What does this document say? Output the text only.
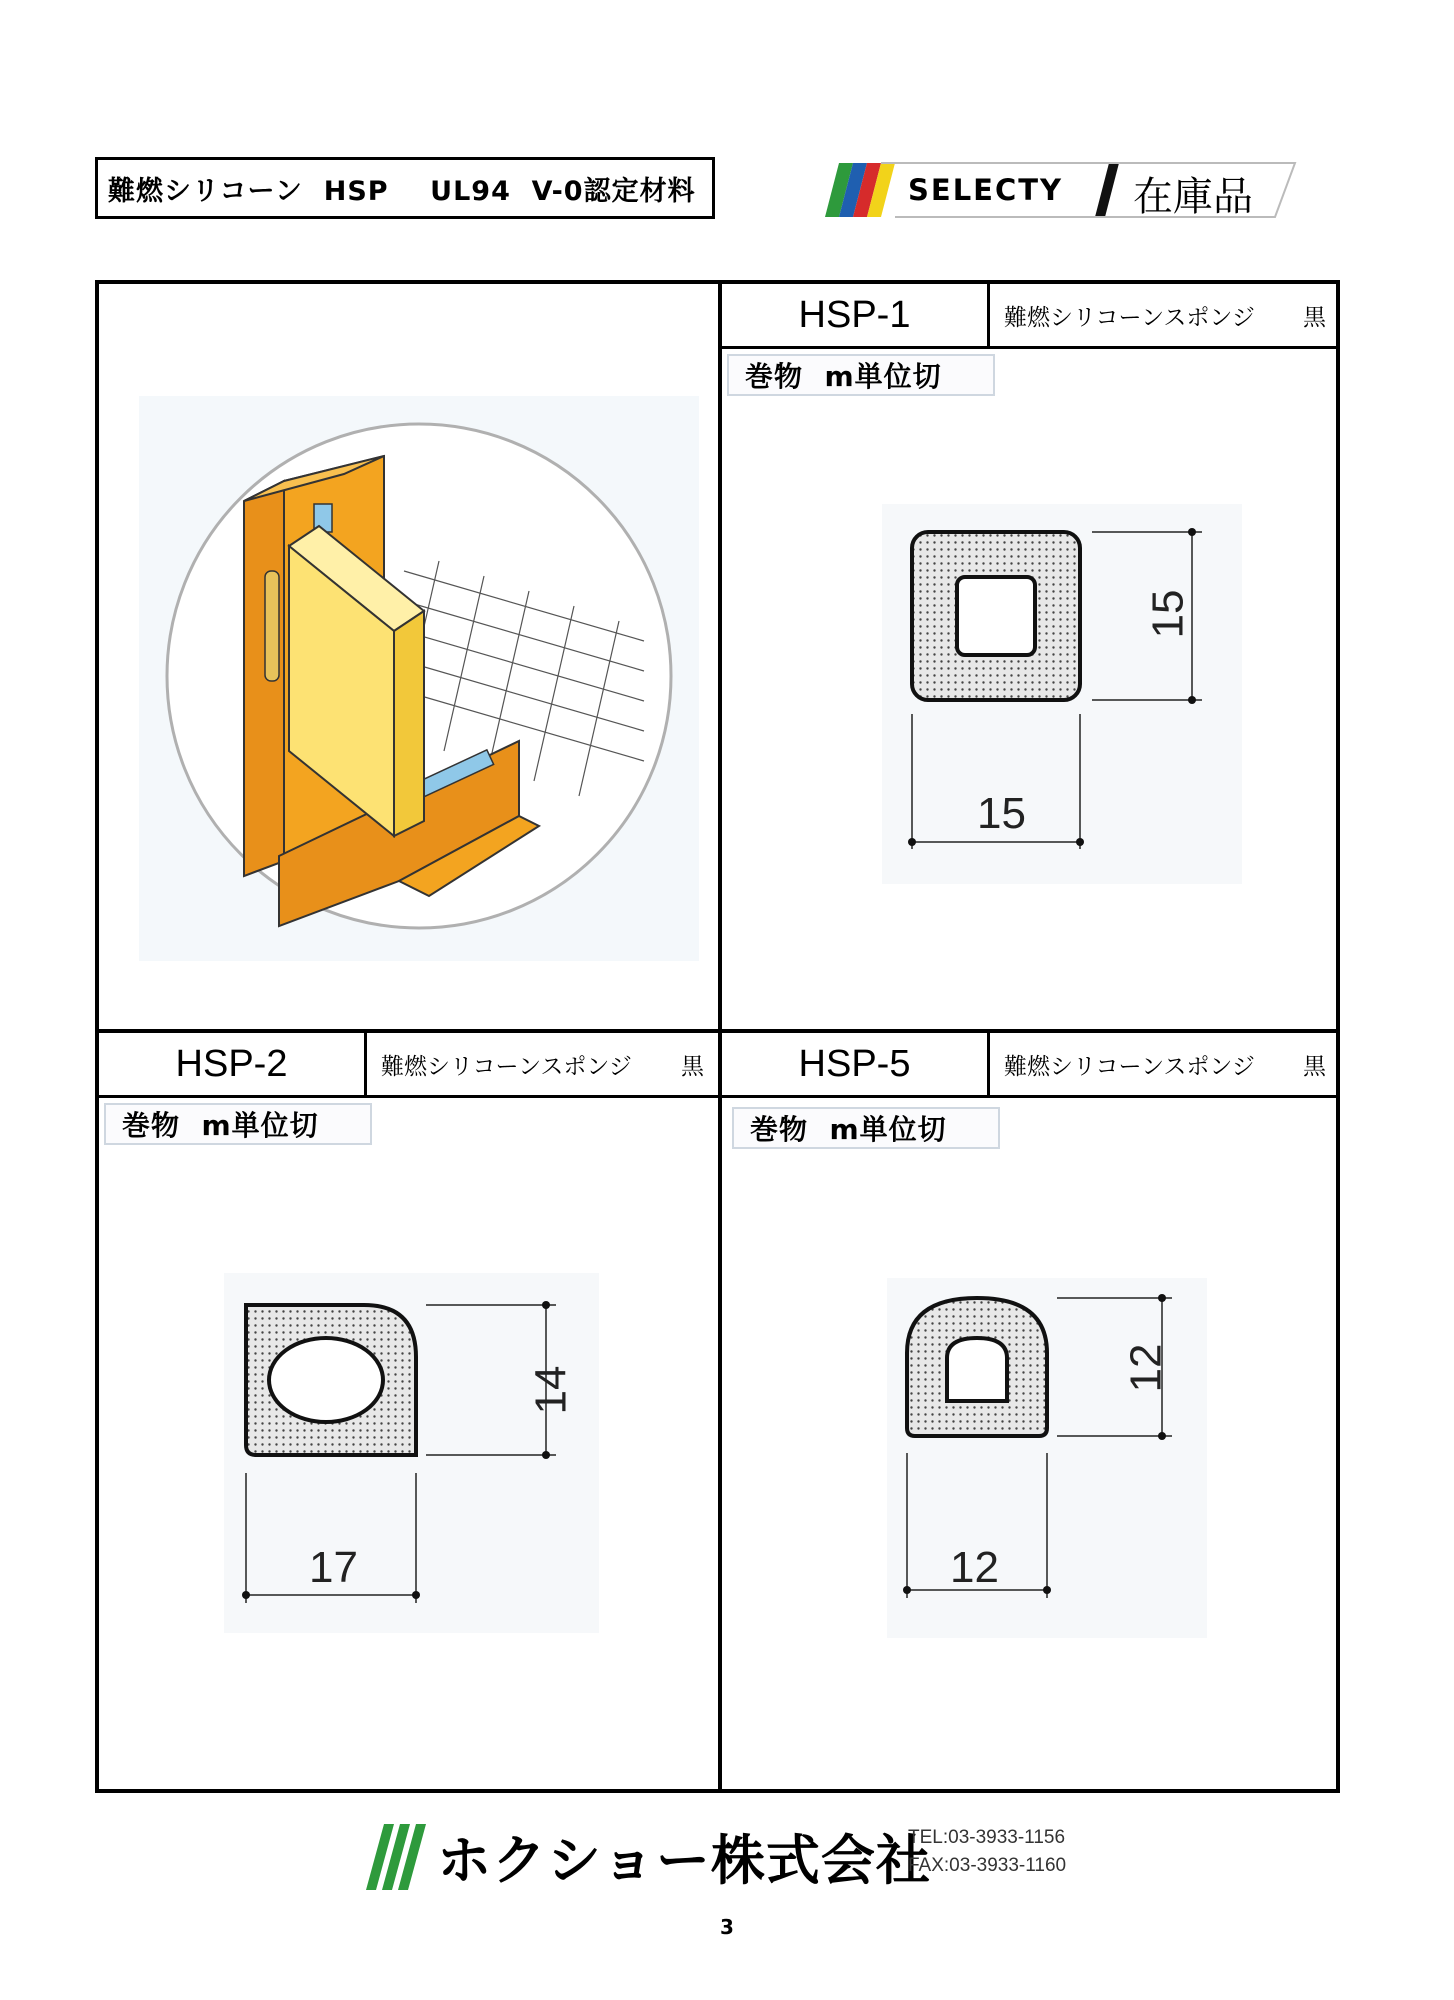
難燃シリコーン  HSP    UL94  V-0認定材料	SELECTY 在庫品
HSP-1	難燃シリコーンスポンジ 黒
巻物  m単位切
15
15
HSP-2	難燃シリコーンスポンジ 黒
巻物  m単位切
17
14
HSP-5	難燃シリコーンスポンジ 黒
巻物  m単位切
12
12
ホクショー株式会社
TEL:03-3933-1156
FAX:03-3933-1160
3
